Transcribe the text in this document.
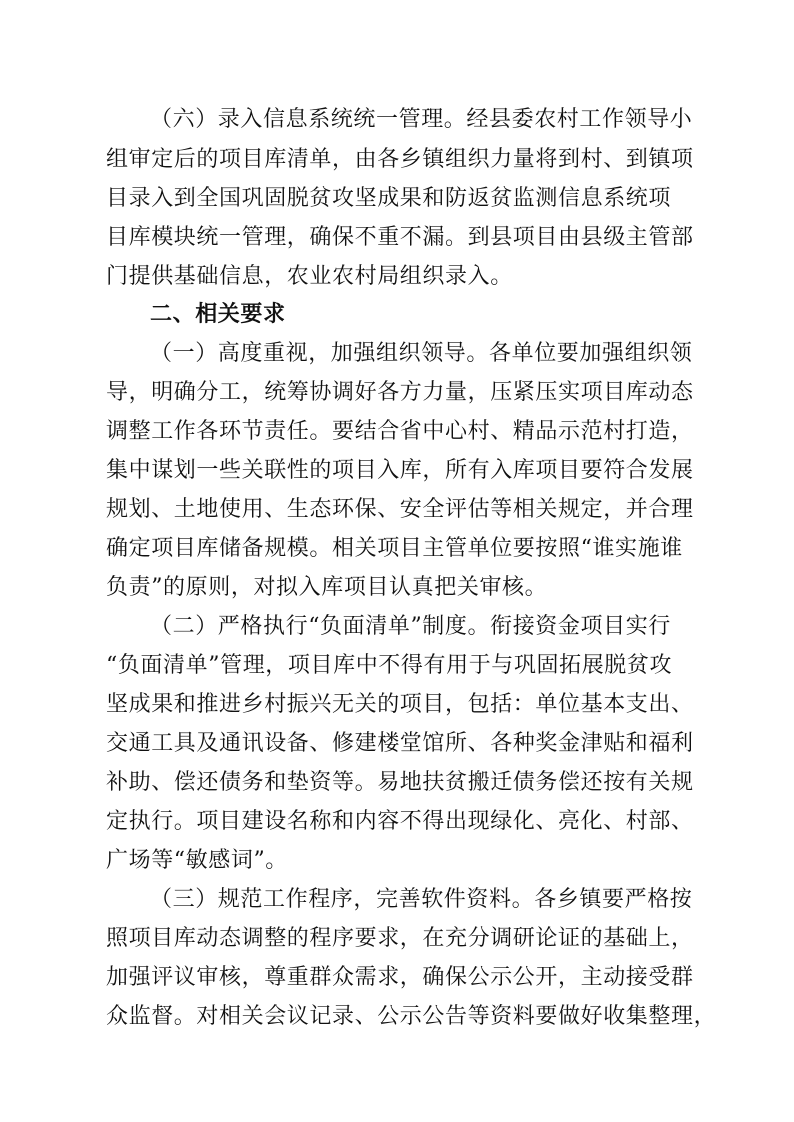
（六）录入信息系统统一管理。经县委农村工作领导小
组审定后的项目库清单，由各乡镇组织力量将到村、到镇项
目录入到全国巩固脱贫攻坚成果和防返贫监测信息系统项
目库模块统一管理，确保不重不漏。到县项目由县级主管部
门提供基础信息，农业农村局组织录入。
二、相关要求
（一）高度重视，加强组织领导。各单位要加强组织领
导，明确分工，统筹协调好各方力量，压紧压实项目库动态
调整工作各环节责任。要结合省中心村、精品示范村打造，
集中谋划一些关联性的项目入库，所有入库项目要符合发展
规划、土地使用、生态环保、安全评估等相关规定，并合理
确定项目库储备规模。相关项目主管单位要按照“谁实施谁
负责”的原则，对拟入库项目认真把关审核。
（二）严格执行“负面清单”制度。衔接资金项目实行
“负面清单”管理，项目库中不得有用于与巩固拓展脱贫攻
坚成果和推进乡村振兴无关的项目，包括：单位基本支出、
交通工具及通讯设备、修建楼堂馆所、各种奖金津贴和福利
补助、偿还债务和垫资等。易地扶贫搬迁债务偿还按有关规
定执行。项目建设名称和内容不得出现绿化、亮化、村部、
广场等“敏感词”。
（三）规范工作程序，完善软件资料。各乡镇要严格按
照项目库动态调整的程序要求，在充分调研论证的基础上，
加强评议审核，尊重群众需求，确保公示公开，主动接受群
众监督。对相关会议记录、公示公告等资料要做好收集整理，
